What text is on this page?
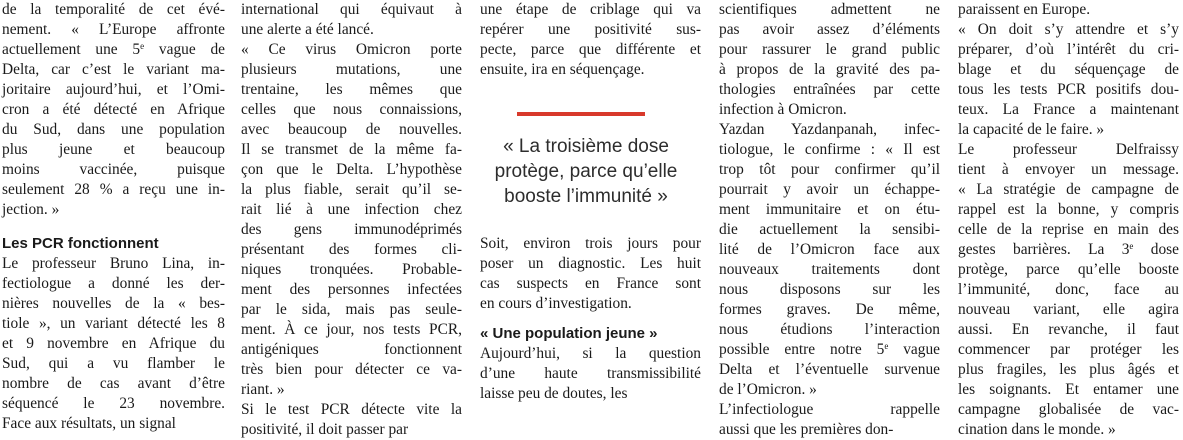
de la temporalité de cet évé-
nement. « L’Europe affronte
actuellement une 5e vague de
Delta, car c’est le variant ma-
joritaire aujourd’hui, et l’Omi-
cron a été détecté en Afrique
du Sud, dans une population
plus jeune et beaucoup
moins vaccinée, puisque
seulement 28 % a reçu une in-
jection. »
Les PCR fonctionnent
Le professeur Bruno Lina, in-
fectiologue a donné les der-
nières nouvelles de la « bes-
tiole », un variant détecté les 8
et 9 novembre en Afrique du
Sud, qui a vu flamber le
nombre de cas avant d’être
séquencé le 23 novembre.
Face aux résultats, un signal
international qui équivaut à
une alerte a été lancé.
« Ce virus Omicron porte
plusieurs mutations, une
trentaine, les mêmes que
celles que nous connaissions,
avec beaucoup de nouvelles.
Il se transmet de la même fa-
çon que le Delta. L’hypothèse
la plus fiable, serait qu’il se-
rait lié à une infection chez
des gens immunodéprimés
présentant des formes cli-
niques tronquées. Probable-
ment des personnes infectées
par le sida, mais pas seule-
ment. À ce jour, nos tests PCR,
antigéniques fonctionnent
très bien pour détecter ce va-
riant. »
Si le test PCR détecte vite la
positivité, il doit passer par
une étape de criblage qui va
repérer une positivité sus-
pecte, parce que différente et
ensuite, ira en séquençage.
Soit, environ trois jours pour
poser un diagnostic. Les huit
cas suspects en France sont
en cours d’investigation.
« Une population jeune »
Aujourd’hui, si la question
d’une haute transmissibilité
laisse peu de doutes, les
scientifiques admettent ne
pas avoir assez d’éléments
pour rassurer le grand public
à propos de la gravité des pa-
thologies entraînées par cette
infection à Omicron.
Yazdan Yazdanpanah, infec-
tiologue, le confirme : « Il est
trop tôt pour confirmer qu’il
pourrait y avoir un échappe-
ment immunitaire et on étu-
die actuellement la sensibi-
lité de l’Omicron face aux
nouveaux traitements dont
nous disposons sur les
formes graves. De même,
nous étudions l’interaction
possible entre notre 5e vague
Delta et l’éventuelle survenue
de l’Omicron. »
L’infectiologue rappelle
aussi que les premières don-
paraissent en Europe.
« On doit s’y attendre et s’y
préparer, d’où l’intérêt du cri-
blage et du séquençage de
tous les tests PCR positifs dou-
teux. La France a maintenant
la capacité de le faire. »
Le professeur Delfraissy
tient à envoyer un message.
« La stratégie de campagne de
rappel est la bonne, y compris
celle de la reprise en main des
gestes barrières. La 3e dose
protège, parce qu’elle booste
l’immunité, donc, face au
nouveau variant, elle agira
aussi. En revanche, il faut
commencer par protéger les
plus fragiles, les plus âgés et
les soignants. Et entamer une
campagne globalisée de vac-
cination dans le monde. »
« La troisième dose
protège, parce qu’elle
booste l’immunité »
